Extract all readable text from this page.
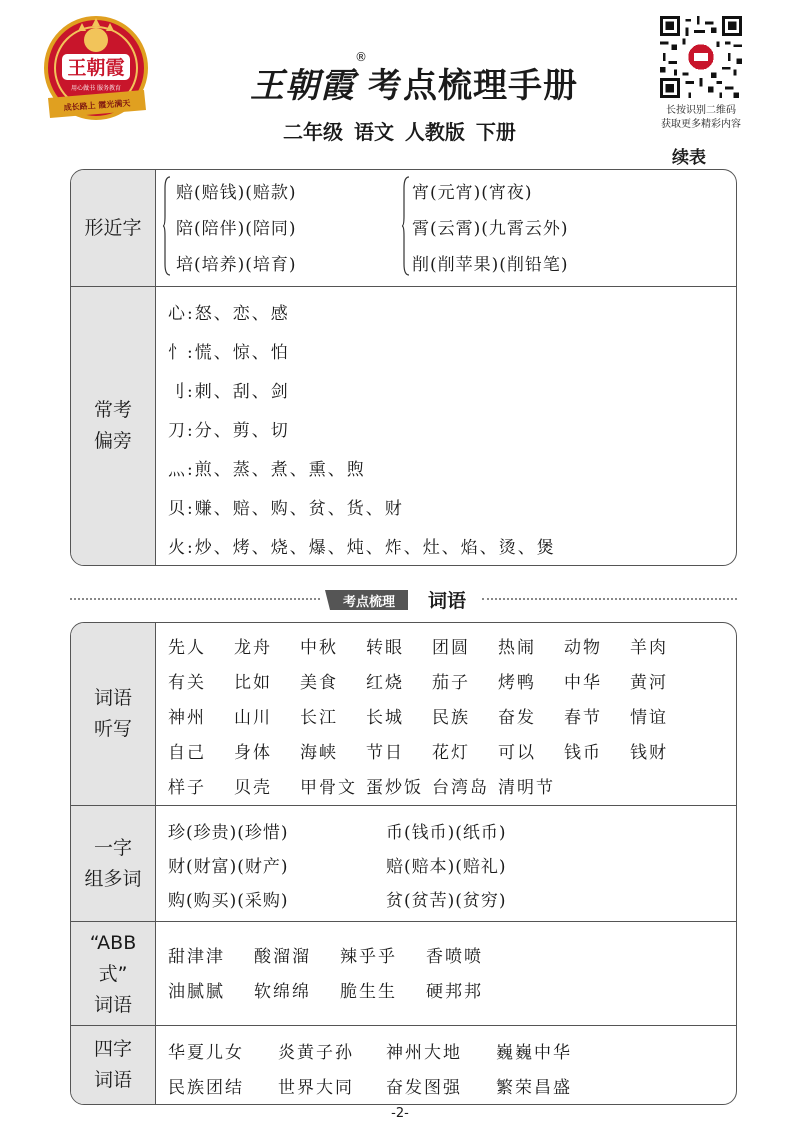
王朝霞
用心做书 服务教育
成长路上 霞光满天	王朝霞®考点梳理手册
二年级 语文 人教版 下册
长按识别二维码
获取更多精彩内容
续表
形近字
赔(赔钱)(赔款)
陪(陪伴)(陪同)
培(培养)(培育)
宵(元宵)(宵夜)
霄(云霄)(九霄云外)
削(削苹果)(削铅笔)
常考
偏旁
心:怒、恋、感
忄:慌、惊、怕
刂:刺、刮、剑
刀:分、剪、切
灬:煎、蒸、煮、熏、煦
贝:赚、赔、购、贫、货、财
火:炒、烤、烧、爆、炖、炸、灶、焰、烫、煲
考点梳理	词语
词语
听写
先人 龙舟 中秋 转眼 团圆 热闹 动物 羊肉
有关 比如 美食 红烧 茄子 烤鸭 中华 黄河
神州 山川 长江 长城 民族 奋发 春节 情谊
自己 身体 海峡 节日 花灯 可以 钱币 钱财
样子 贝壳 甲骨文 蛋炒饭 台湾岛 清明节
一字
组多词
珍(珍贵)(珍惜)
财(财富)(财产)
购(购买)(采购)
币(钱币)(纸币)
赔(赔本)(赔礼)
贫(贫苦)(贫穷)
“ABB
式”
词语
甜津津 酸溜溜 辣乎乎 香喷喷
油腻腻 软绵绵 脆生生 硬邦邦
四字
词语
华夏儿女 炎黄子孙 神州大地 巍巍中华
民族团结 世界大同 奋发图强 繁荣昌盛
-2-
